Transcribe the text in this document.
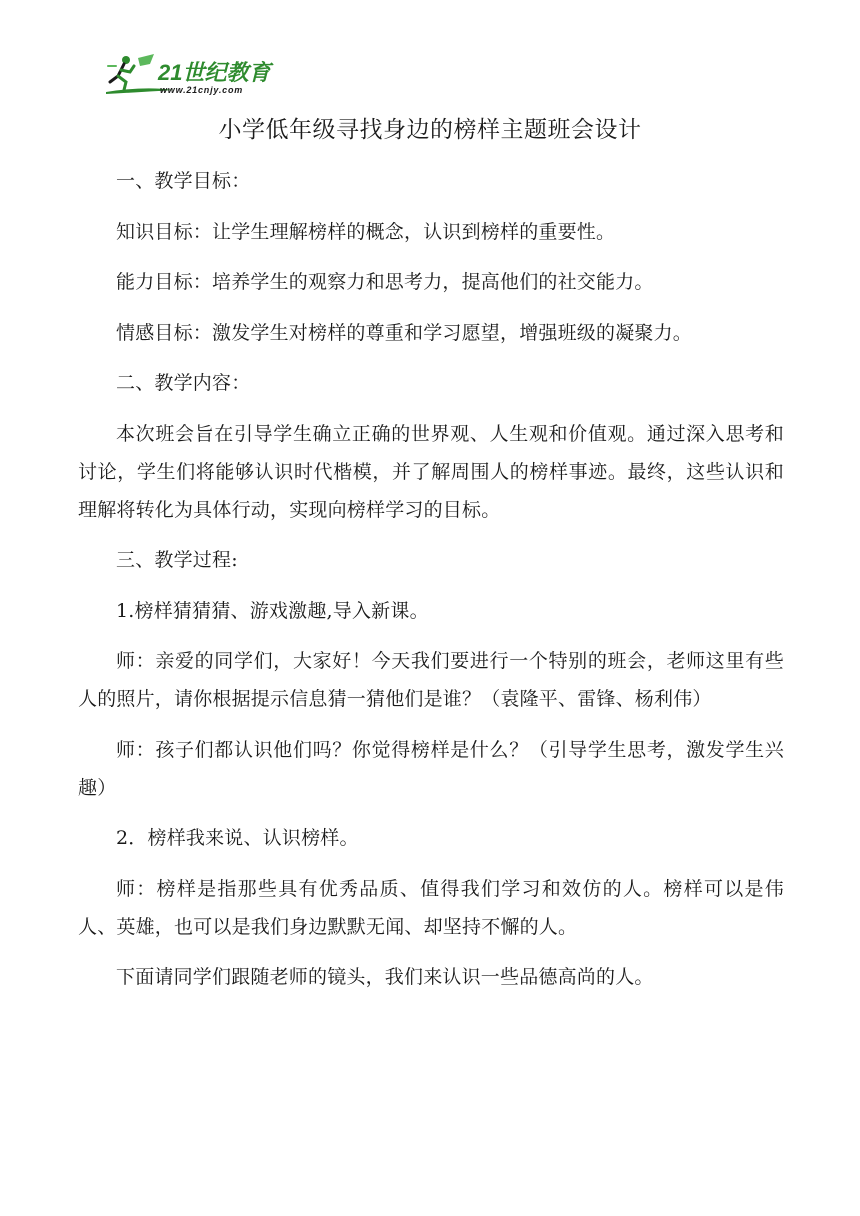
21世纪教育
www.21cnjy.com
小学低年级寻找身边的榜样主题班会设计

一、教学目标：

知识目标：让学生理解榜样的概念，认识到榜样的重要性。

能力目标：培养学生的观察力和思考力，提高他们的社交能力。

情感目标：激发学生对榜样的尊重和学习愿望，增强班级的凝聚力。

二、教学内容：

本次班会旨在引导学生确立正确的世界观、人生观和价值观。通过深入思考和讨论，学生们将能够认识时代楷模，并了解周围人的榜样事迹。最终，这些认识和理解将转化为具体行动，实现向榜样学习的目标。

三、教学过程:

1.榜样猜猜猜、游戏激趣,导入新课。

师：亲爱的同学们，大家好！今天我们要进行一个特别的班会，老师这里有些人的照片，请你根据提示信息猜一猜他们是谁？（袁隆平、雷锋、杨利伟）

师：孩子们都认识他们吗？你觉得榜样是什么？（引导学生思考，激发学生兴趣）

2．榜样我来说、认识榜样。

师：榜样是指那些具有优秀品质、值得我们学习和效仿的人。榜样可以是伟人、英雄，也可以是我们身边默默无闻、却坚持不懈的人。

下面请同学们跟随老师的镜头，我们来认识一些品德高尚的人。
